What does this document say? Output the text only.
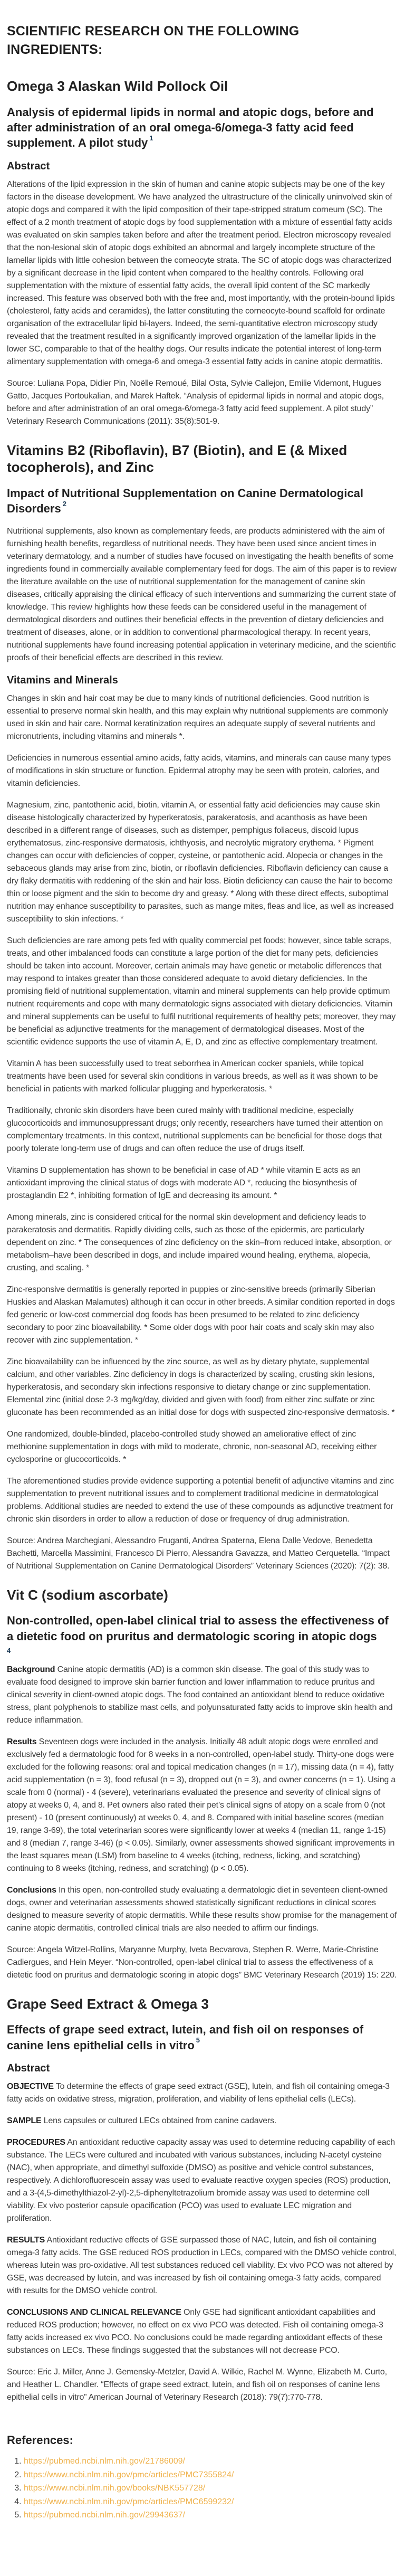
SCIENTIFIC RESEARCH ON THE FOLLOWING INGREDIENTS:
Omega 3 Alaskan Wild Pollock Oil
Analysis of epidermal lipids in normal and atopic dogs, before and after administration of an oral omega-6/omega-3 fatty acid feed supplement. A pilot study $^1$
Abstract

Alterations of the lipid expression in the skin of human and canine atopic subjects may be one of the key factors in the disease development. We have analyzed the ultrastructure of the clinically uninvolved skin of atopic dogs and compared it with the lipid composition of their tape-stripped stratum corneum (SC). The effect of a 2 month treatment of atopic dogs by food supplementation with a mixture of essential fatty acids was evaluated on skin samples taken before and after the treatment period. Electron microscopy revealed that the non-lesional skin of atopic dogs exhibited an abnormal and largely incomplete structure of the lamellar lipids with little cohesion between the corneocyte strata. The SC of atopic dogs was characterized by a significant decrease in the lipid content when compared to the healthy controls. Following oral supplementation with the mixture of essential fatty acids, the overall lipid content of the SC markedly increased. This feature was observed both with the free and, most importantly, with the protein-bound lipids (cholesterol, fatty acids and ceramides), the latter constituting the corneocyte-bound scaffold for ordinate organisation of the extracellular lipid bi-layers. Indeed, the semi-quantitative electron microscopy study revealed that the treatment resulted in a significantly improved organization of the lamellar lipids in the lower SC, comparable to that of the healthy dogs. Our results indicate the potential interest of long-term alimentary supplementation with omega-6 and omega-3 essential fatty acids in canine atopic dermatitis.

Source: Luliana Popa, Didier Pin, Noëlle Remoué, Bilal Osta, Sylvie Callejon, Emilie Videmont, Hugues Gatto, Jacques Portoukalian, and Marek Haftek. “Analysis of epidermal lipids in normal and atopic dogs, before and after administration of an oral omega-6/omega-3 fatty acid feed supplement. A pilot study” Veterinary Research Communications (2011): 35(8):501-9.

Vitamins B2 (Riboflavin), B7 (Biotin), and E (& Mixed tocopherols), and Zinc
Impact of Nutritional Supplementation on Canine Dermatological Disorders $^2$

Nutritional supplements, also known as complementary feeds, are products administered with the aim of furnishing health benefits, regardless of nutritional needs. They have been used since ancient times in veterinary dermatology, and a number of studies have focused on investigating the health benefits of some ingredients found in commercially available complementary feed for dogs. The aim of this paper is to review the literature available on the use of nutritional supplementation for the management of canine skin diseases, critically appraising the clinical efficacy of such interventions and summarizing the current state of knowledge. This review highlights how these feeds can be considered useful in the management of dermatological disorders and outlines their beneficial effects in the prevention of dietary deficiencies and treatment of diseases, alone, or in addition to conventional pharmacological therapy. In recent years, nutritional supplements have found increasing potential application in veterinary medicine, and the scientific proofs of their beneficial effects are described in this review.

Vitamins and Minerals

Changes in skin and hair coat may be due to many kinds of nutritional deficiencies. Good nutrition is essential to preserve normal skin health, and this may explain why nutritional supplements are commonly used in skin and hair care. Normal keratinization requires an adequate supply of several nutrients and micronutrients, including vitamins and minerals *.

Deficiencies in numerous essential amino acids, fatty acids, vitamins, and minerals can cause many types of modifications in skin structure or function. Epidermal atrophy may be seen with protein, calories, and vitamin deficiencies.

Magnesium, zinc, pantothenic acid, biotin, vitamin A, or essential fatty acid deficiencies may cause skin disease histologically characterized by hyperkeratosis, parakeratosis, and acanthosis as have been described in a different range of diseases, such as distemper, pemphigus foliaceus, discoid lupus erythematosus, zinc-responsive dermatosis, ichthyosis, and necrolytic migratory erythema. * Pigment changes can occur with deficiencies of copper, cysteine, or pantothenic acid. Alopecia or changes in the sebaceous glands may arise from zinc, biotin, or riboflavin deficiencies. Riboflavin deficiency can cause a dry flaky dermatitis with reddening of the skin and hair loss. Biotin deficiency can cause the hair to become thin or loose pigment and the skin to become dry and greasy. * Along with these direct effects, suboptimal nutrition may enhance susceptibility to parasites, such as mange mites, fleas and lice, as well as increased susceptibility to skin infections. *

Such deficiencies are rare among pets fed with quality commercial pet foods; however, since table scraps, treats, and other imbalanced foods can constitute a large portion of the diet for many pets, deficiencies should be taken into account. Moreover, certain animals may have genetic or metabolic differences that may respond to intakes greater than those considered adequate to avoid dietary deficiencies. In the promising field of nutritional supplementation, vitamin and mineral supplements can help provide optimum nutrient requirements and cope with many dermatologic signs associated with dietary deficiencies. Vitamin and mineral supplements can be useful to fulfil nutritional requirements of healthy pets; moreover, they may be beneficial as adjunctive treatments for the management of dermatological diseases. Most of the scientific evidence supports the use of vitamin A, E, D, and zinc as effective complementary treatment.

Vitamin A has been successfully used to treat seborrhea in American cocker spaniels, while topical treatments have been used for several skin conditions in various breeds, as well as it was shown to be beneficial in patients with marked follicular plugging and hyperkeratosis. *

Traditionally, chronic skin disorders have been cured mainly with traditional medicine, especially glucocorticoids and immunosuppressant drugs; only recently, researchers have turned their attention on complementary treatments. In this context, nutritional supplements can be beneficial for those dogs that poorly tolerate long-term use of drugs and can often reduce the use of drugs itself.

Vitamins D supplementation has shown to be beneficial in case of AD * while vitamin E acts as an antioxidant improving the clinical status of dogs with moderate AD *, reducing the biosynthesis of prostaglandin E2 *, inhibiting formation of IgE and decreasing its amount. *

Among minerals, zinc is considered critical for the normal skin development and deficiency leads to parakeratosis and dermatitis. Rapidly dividing cells, such as those of the epidermis, are particularly dependent on zinc. * The consequences of zinc deficiency on the skin–from reduced intake, absorption, or metabolism–have been described in dogs, and include impaired wound healing, erythema, alopecia, crusting, and scaling. *

Zinc-responsive dermatitis is generally reported in puppies or zinc-sensitive breeds (primarily Siberian Huskies and Alaskan Malamutes) although it can occur in other breeds. A similar condition reported in dogs fed generic or low-cost commercial dog foods has been presumed to be related to zinc deficiency secondary to poor zinc bioavailability. * Some older dogs with poor hair coats and scaly skin may also recover with zinc supplementation. *

Zinc bioavailability can be influenced by the zinc source, as well as by dietary phytate, supplemental calcium, and other variables. Zinc deficiency in dogs is characterized by scaling, crusting skin lesions, hyperkeratosis, and secondary skin infections responsive to dietary change or zinc supplementation. Elemental zinc (initial dose 2-3 mg/kg/day, divided and given with food) from either zinc sulfate or zinc gluconate has been recommended as an initial dose for dogs with suspected zinc-responsive dermatosis. *

One randomized, double-blinded, placebo-controlled study showed an ameliorative effect of zinc methionine supplementation in dogs with mild to moderate, chronic, non-seasonal AD, receiving either cyclosporine or glucocorticoids. *

The aforementioned studies provide evidence supporting a potential benefit of adjunctive vitamins and zinc supplementation to prevent nutritional issues and to complement traditional medicine in dermatological problems. Additional studies are needed to extend the use of these compounds as adjunctive treatment for chronic skin disorders in order to allow a reduction of dose or frequency of drug administration.

Source: Andrea Marchegiani, Alessandro Fruganti, Andrea Spaterna, Elena Dalle Vedove, Benedetta Bachetti, Marcella Massimini, Francesco Di Pierro, Alessandra Gavazza, and Matteo Cerquetella. “Impact of Nutritional Supplementation on Canine Dermatological Disorders” Veterinary Sciences (2020): 7(2): 38.

Vit C (sodium ascorbate)
Non-controlled, open-label clinical trial to assess the effectiveness of a dietetic food on pruritus and dermatologic scoring in atopic dogs
4

Background Canine atopic dermatitis (AD) is a common skin disease. The goal of this study was to evaluate food designed to improve skin barrier function and lower inflammation to reduce pruritus and clinical severity in client-owned atopic dogs. The food contained an antioxidant blend to reduce oxidative stress, plant polyphenols to stabilize mast cells, and polyunsaturated fatty acids to improve skin health and reduce inflammation.

Results Seventeen dogs were included in the analysis. Initially 48 adult atopic dogs were enrolled and exclusively fed a dermatologic food for 8 weeks in a non-controlled, open-label study. Thirty-one dogs were excluded for the following reasons: oral and topical medication changes (n = 17), missing data (n = 4), fatty acid supplementation (n = 3), food refusal (n = 3), dropped out (n = 3), and owner concerns (n = 1). Using a scale from 0 (normal) - 4 (severe), veterinarians evaluated the presence and severity of clinical signs of atopy at weeks 0, 4, and 8. Pet owners also rated their pet’s clinical signs of atopy on a scale from 0 (not present) - 10 (present continuously) at weeks 0, 4, and 8. Compared with initial baseline scores (median 19, range 3-69), the total veterinarian scores were significantly lower at weeks 4 (median 11, range 1-15) and 8 (median 7, range 3-46) (p < 0.05). Similarly, owner assessments showed significant improvements in the least squares mean (LSM) from baseline to 4 weeks (itching, redness, licking, and scratching) continuing to 8 weeks (itching, redness, and scratching) (p < 0.05).

Conclusions In this open, non-controlled study evaluating a dermatologic diet in seventeen client-owned dogs, owner and veterinarian assessments showed statistically significant reductions in clinical scores designed to measure severity of atopic dermatitis. While these results show promise for the management of canine atopic dermatitis, controlled clinical trials are also needed to affirm our findings.

Source: Angela Witzel-Rollins, Maryanne Murphy, Iveta Becvarova, Stephen R. Werre, Marie-Christine Cadiergues, and Hein Meyer. “Non-controlled, open-label clinical trial to assess the effectiveness of a dietetic food on pruritus and dermatologic scoring in atopic dogs” BMC Veterinary Research (2019) 15: 220.

Grape Seed Extract & Omega 3
Effects of grape seed extract, lutein, and fish oil on responses of canine lens epithelial cells in vitro $^5$
Abstract

OBJECTIVE To determine the effects of grape seed extract (GSE), lutein, and fish oil containing omega-3 fatty acids on oxidative stress, migration, proliferation, and viability of lens epithelial cells (LECs).

SAMPLE Lens capsules or cultured LECs obtained from canine cadavers.

PROCEDURES An antioxidant reductive capacity assay was used to determine reducing capability of each substance. The LECs were cultured and incubated with various substances, including N-acetyl cysteine (NAC), when appropriate, and dimethyl sulfoxide (DMSO) as positive and vehicle control substances, respectively. A dichlorofluorescein assay was used to evaluate reactive oxygen species (ROS) production, and a 3-(4,5-dimethylthiazol-2-yl)-2,5-diphenyltetrazolium bromide assay was used to determine cell viability. Ex vivo posterior capsule opacification (PCO) was used to evaluate LEC migration and proliferation.

RESULTS Antioxidant reductive effects of GSE surpassed those of NAC, lutein, and fish oil containing omega-3 fatty acids. The GSE reduced ROS production in LECs, compared with the DMSO vehicle control, whereas lutein was pro-oxidative. All test substances reduced cell viability. Ex vivo PCO was not altered by GSE, was decreased by lutein, and was increased by fish oil containing omega-3 fatty acids, compared with results for the DMSO vehicle control.

CONCLUSIONS AND CLINICAL RELEVANCE Only GSE had significant antioxidant capabilities and reduced ROS production; however, no effect on ex vivo PCO was detected. Fish oil containing omega-3 fatty acids increased ex vivo PCO. No conclusions could be made regarding antioxidant effects of these substances on LECs. These findings suggested that the substances will not decrease PCO.

Source: Eric J. Miller, Anne J. Gemensky-Metzler, David A. Wilkie, Rachel M. Wynne, Elizabeth M. Curto, and Heather L. Chandler. “Effects of grape seed extract, lutein, and fish oil on responses of canine lens epithelial cells in vitro” American Journal of Veterinary Research (2018): 79(7):770-778.

References:
1. https://pubmed.ncbi.nlm.nih.gov/21786009/
2. https://www.ncbi.nlm.nih.gov/pmc/articles/PMC7355824/
3. https://www.ncbi.nlm.nih.gov/books/NBK557728/
4. https://www.ncbi.nlm.nih.gov/pmc/articles/PMC6599232/
5. https://pubmed.ncbi.nlm.nih.gov/29943637/
